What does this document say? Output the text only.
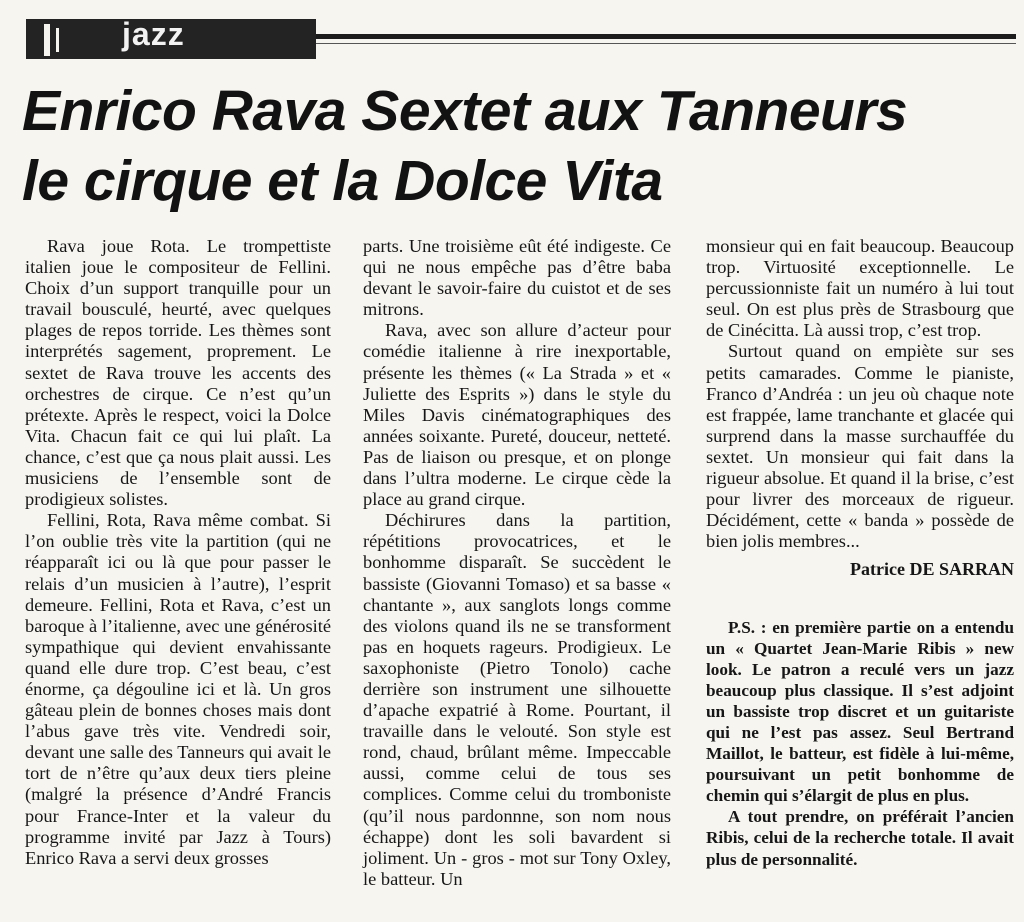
jazz
Enrico Rava Sextet aux Tanneurs
le cirque et la Dolce Vita

Rava joue Rota. Le trompettiste italien joue le compositeur de Fellini. Choix d’un support tranquille pour un travail bousculé, heurté, avec quelques plages de repos torride. Les thèmes sont interprétés sagement, proprement. Le sextet de Rava trouve les accents des orchestres de cirque. Ce n’est qu’un prétexte. Après le respect, voici la Dolce Vita. Chacun fait ce qui lui plaît. La chance, c’est que ça nous plait aussi. Les musiciens de l’ensemble sont de prodigieux solistes.

Fellini, Rota, Rava même combat. Si l’on oublie très vite la partition (qui ne réapparaît ici ou là que pour passer le relais d’un musicien à l’autre), l’esprit demeure. Fellini, Rota et Rava, c’est un baroque à l’italienne, avec une générosité sympathique qui devient envahissante quand elle dure trop. C’est beau, c’est énorme, ça dégouline ici et là. Un gros gâteau plein de bonnes choses mais dont l’abus gave très vite. Vendredi soir, devant une salle des Tanneurs qui avait le tort de n’être qu’aux deux tiers pleine (malgré la présence d’André Francis pour France-Inter et la valeur du programme invité par Jazz à Tours) Enrico Rava a servi deux grosses

parts. Une troisième eût été indigeste. Ce qui ne nous empêche pas d’être baba devant le savoir-faire du cuistot et de ses mitrons.

Rava, avec son allure d’acteur pour comédie italienne à rire inexportable, présente les thèmes (« La Strada » et « Juliette des Esprits ») dans le style du Miles Davis cinématographiques des années soixante. Pureté, douceur, netteté. Pas de liaison ou presque, et on plonge dans l’ultra moderne. Le cirque cède la place au grand cirque.

Déchirures dans la partition, répétitions provocatrices, et le bonhomme disparaît. Se succèdent le bassiste (Giovanni Tomaso) et sa basse « chantante », aux sanglots longs comme des violons quand ils ne se transforment pas en hoquets rageurs. Prodigieux. Le saxophoniste (Pietro Tonolo) cache derrière son instrument une silhouette d’apache expatrié à Rome. Pourtant, il travaille dans le velouté. Son style est rond, chaud, brûlant même. Impeccable aussi, comme celui de tous ses complices. Comme celui du tromboniste (qu’il nous pardonnne, son nom nous échappe) dont les soli bavardent si joliment. Un - gros - mot sur Tony Oxley, le batteur. Un

monsieur qui en fait beaucoup. Beaucoup trop. Virtuosité exceptionnelle. Le percussionniste fait un numéro à lui tout seul. On est plus près de Strasbourg que de Cinécitta. Là aussi trop, c’est trop.

Surtout quand on empiète sur ses petits camarades. Comme le pianiste, Franco d’Andréa : un jeu où chaque note est frappée, lame tranchante et glacée qui surprend dans la masse surchauffée du sextet. Un monsieur qui fait dans la rigueur absolue. Et quand il la brise, c’est pour livrer des morceaux de rigueur. Décidément, cette « banda » possède de bien jolis membres...

Patrice DE SARRAN

P.S. : en première partie on a entendu un « Quartet Jean-Marie Ribis » new look. Le patron a reculé vers un jazz beaucoup plus classique. Il s’est adjoint un bassiste trop discret et un guitariste qui ne l’est pas assez. Seul Bertrand Maillot, le batteur, est fidèle à lui-même, poursuivant un petit bonhomme de chemin qui s’élargit de plus en plus.

A tout prendre, on préférait l’ancien Ribis, celui de la recherche totale. Il avait plus de personnalité.
